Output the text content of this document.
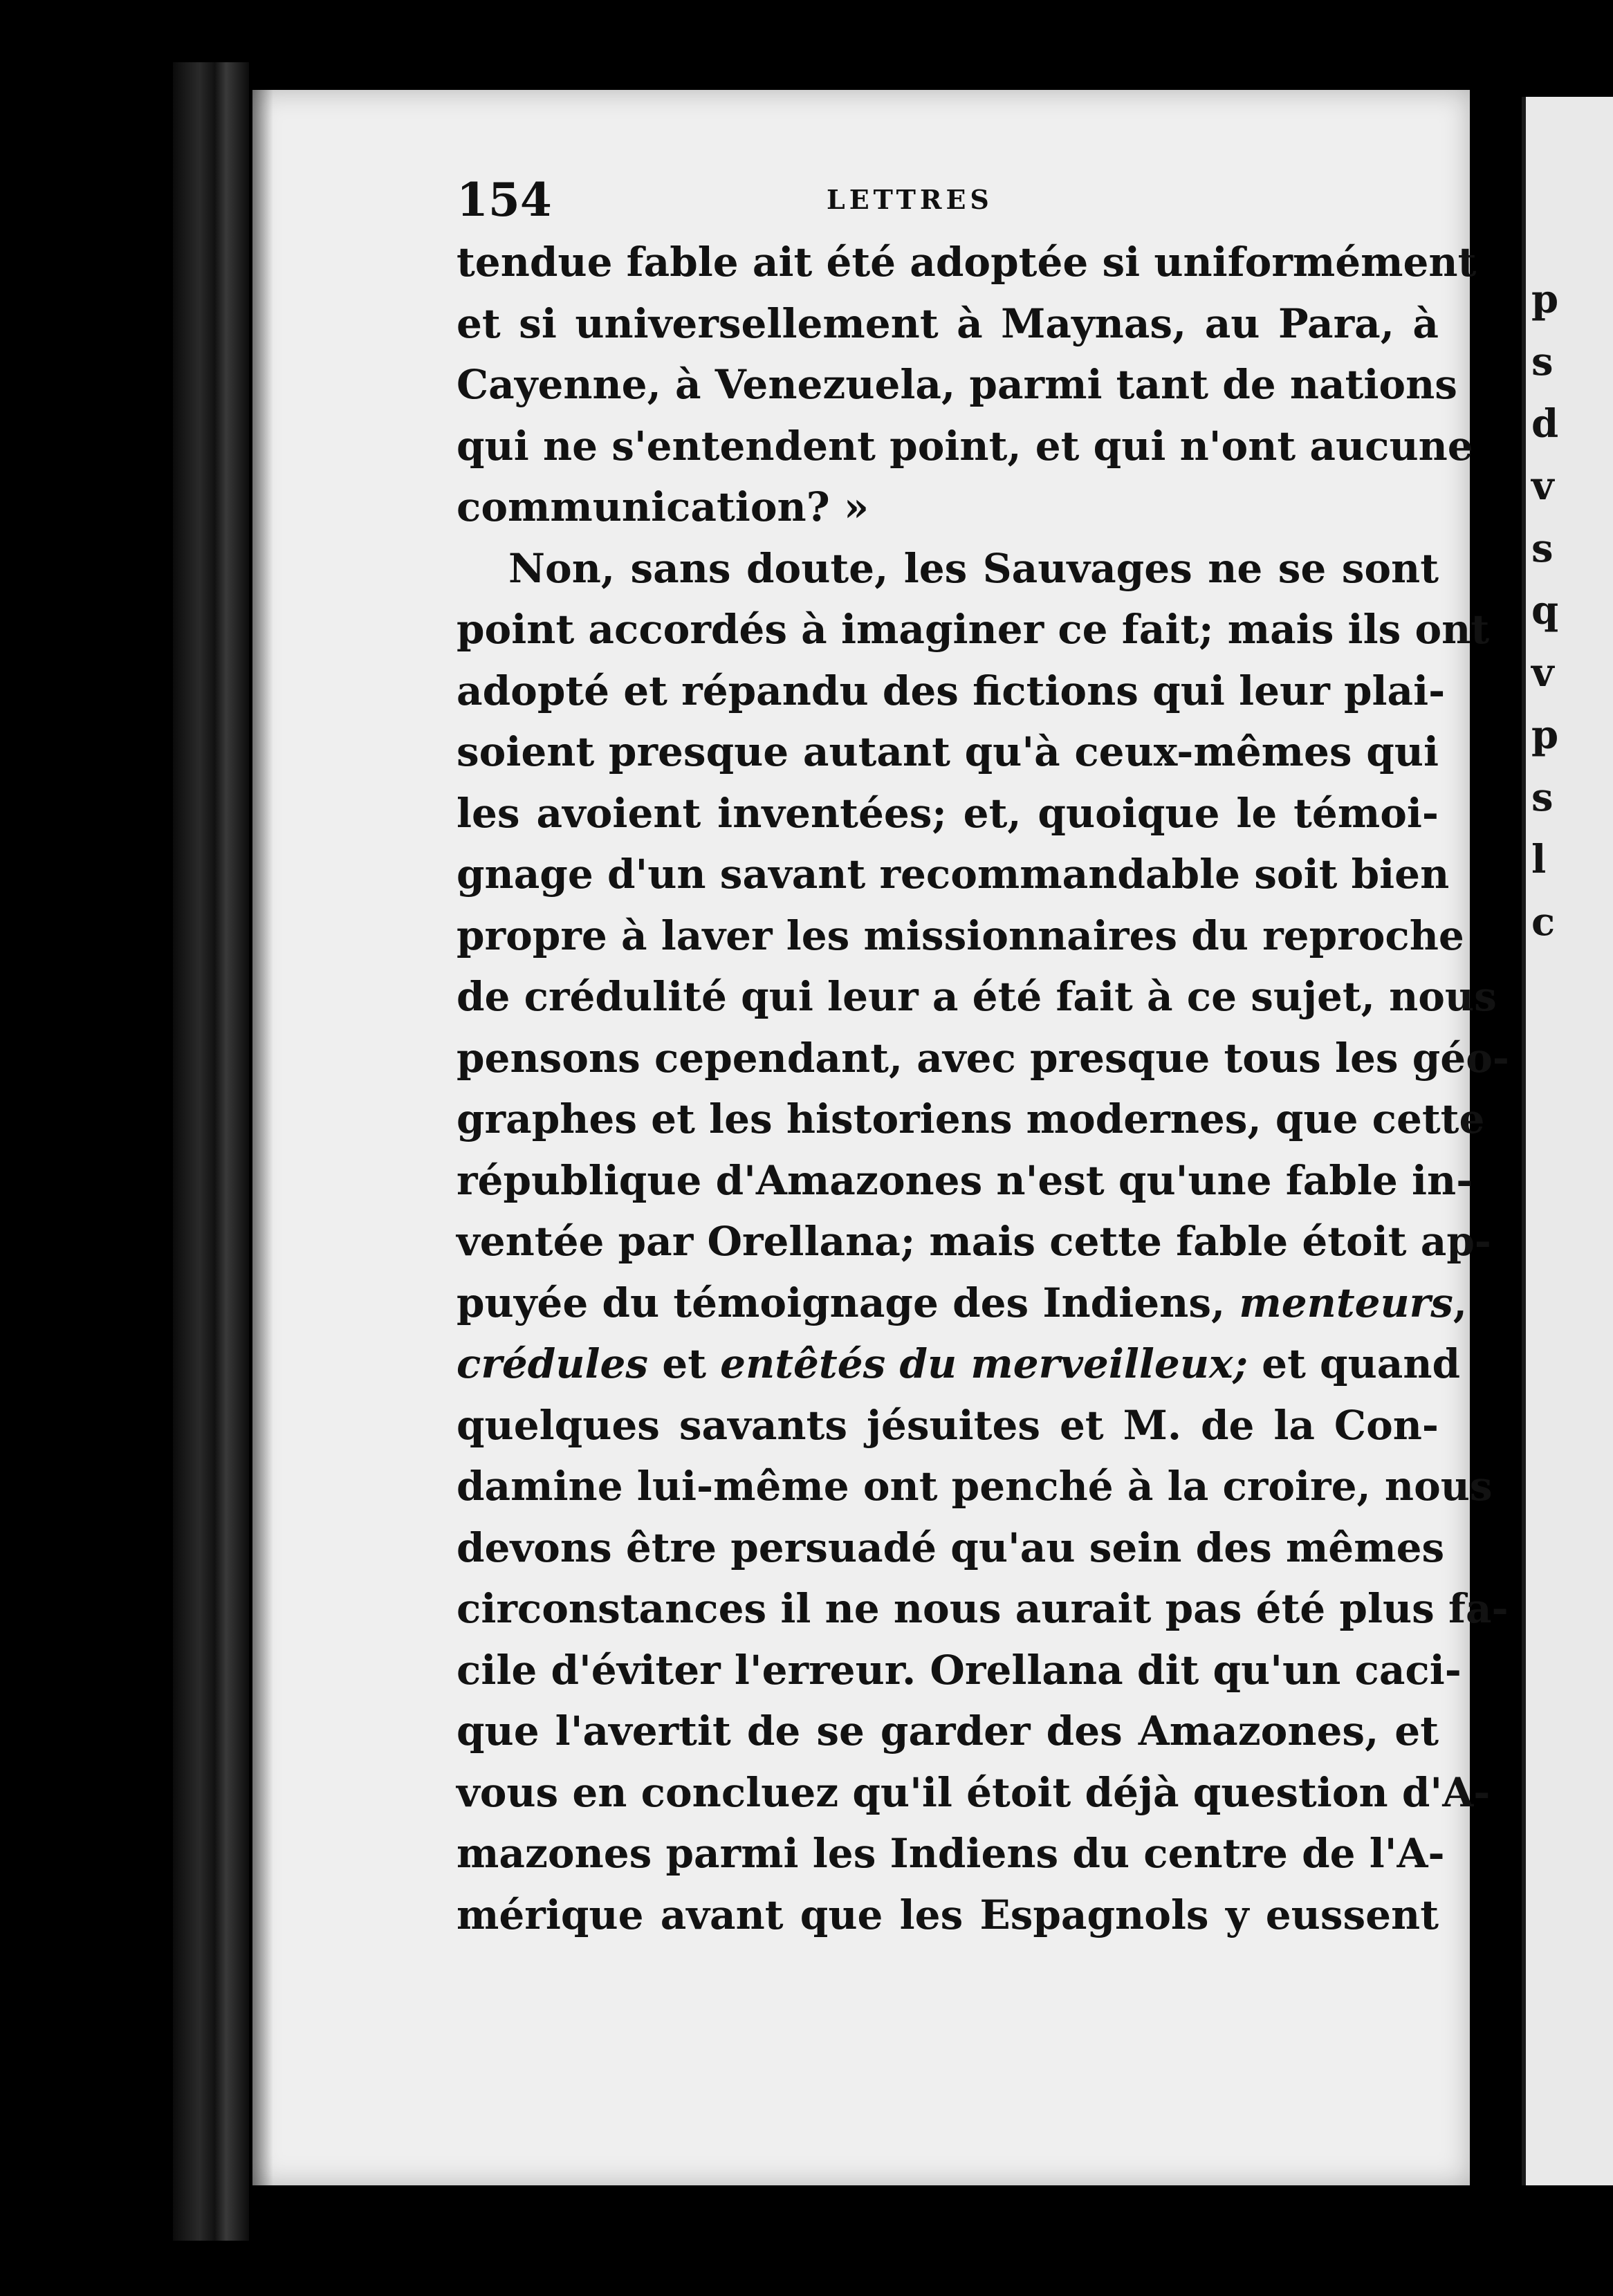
154	LETTRES
tendue fable ait été adoptée si uniformément
et si universellement à Maynas, au Para, à
Cayenne, à Venezuela, parmi tant de nations
qui ne s'entendent point, et qui n'ont aucune
communication? »
Non, sans doute, les Sauvages ne se sont
point accordés à imaginer ce fait; mais ils ont
adopté et répandu des fictions qui leur plai-
soient presque autant qu'à ceux-mêmes qui
les avoient inventées; et, quoique le témoi-
gnage d'un savant recommandable soit bien
propre à laver les missionnaires du reproche
de crédulité qui leur a été fait à ce sujet, nous
pensons cependant, avec presque tous les géo-
graphes et les historiens modernes, que cette
république d'Amazones n'est qu'une fable in-
ventée par Orellana; mais cette fable étoit ap-
puyée du témoignage des Indiens, menteurs,
crédules et entêtés du merveilleux; et quand
quelques savants jésuites et M. de la Con-
damine lui-même ont penché à la croire, nous
devons être persuadé qu'au sein des mêmes
circonstances il ne nous aurait pas été plus fa-
cile d'éviter l'erreur. Orellana dit qu'un caci-
que l'avertit de se garder des Amazones, et
vous en concluez qu'il étoit déjà question d'A-
mazones parmi les Indiens du centre de l'A-
mérique avant que les Espagnols y eussent
p
s
d
v
s
q
v
p
s
l
c
